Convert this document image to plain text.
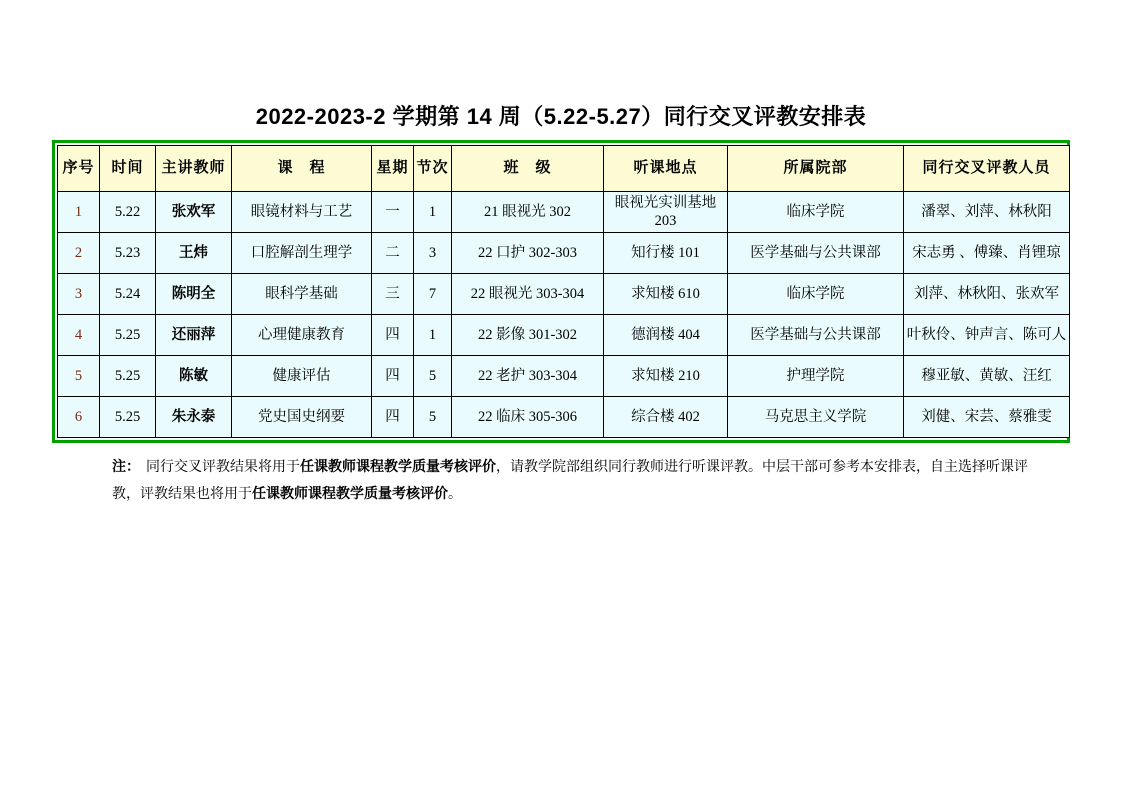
2022-2023-2 学期第 14 周（5.22-5.27）同行交叉评教安排表
序号	时间	主讲教师	课　程	星期	节次	班　级	听课地点	所属院部	同行交叉评教人员
1	5.22	张欢军	眼镜材料与工艺	一	1	21 眼视光 302	眼视光实训基地 203	临床学院	潘翠、刘萍、林秋阳
2	5.23	王炜	口腔解剖生理学	二	3	22 口护 302-303	知行楼 101	医学基础与公共课部	宋志勇 、傅臻、肖锂琼
3	5.24	陈明全	眼科学基础	三	7	22 眼视光 303-304	求知楼 610	临床学院	刘萍、林秋阳、张欢军
4	5.25	还丽萍	心理健康教育	四	1	22 影像 301-302	德润楼 404	医学基础与公共课部	叶秋伶、钟声言、陈可人
5	5.25	陈敏	健康评估	四	5	22 老护 303-304	求知楼 210	护理学院	穆亚敏、黄敏、汪红
6	5.25	朱永泰	党史国史纲要	四	5	22 临床 305-306	综合楼 402	马克思主义学院	刘健、宋芸、蔡雅雯
注： 同行交叉评教结果将用于任课教师课程教学质量考核评价，请教学院部组织同行教师进行听课评教。中层干部可参考本安排表，自主选择听课评
教，评教结果也将用于任课教师课程教学质量考核评价。
